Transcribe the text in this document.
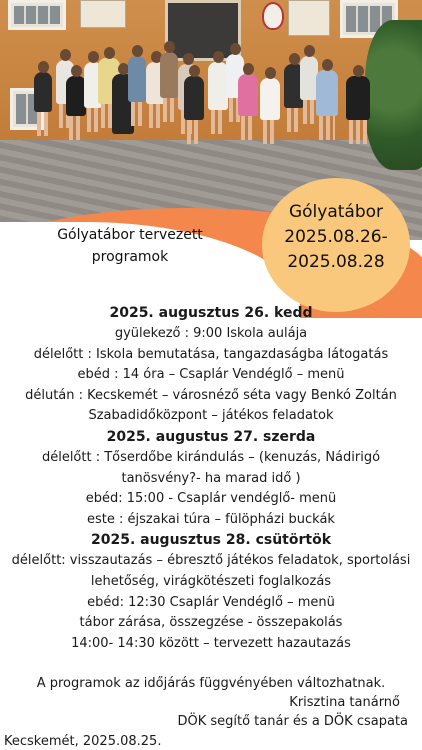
Gólyatábor tervezett
programok
Gólyatábor
2025.08.26-
2025.08.28
2025. augusztus 26. kedd
gyülekező : 9:00 Iskola aulája
délelőtt : Iskola bemutatása, tangazdaságba látogatás
ebéd : 14 óra – Csaplár Vendéglő – menü
délután : Kecskemét – városnéző séta vagy Benkó Zoltán
Szabadidőközpont – játékos feladatok
2025. augustus 27. szerda
délelőtt : Tőserdőbe kirándulás – (kenuzás, Nádirigó
tanösvény?- ha marad idő )
ebéd: 15:00 - Csaplár vendéglő- menü
este : éjszakai túra – fülöpházi buckák
2025. augusztus 28. csütörtök
délelőtt: visszautazás – ébresztő játékos feladatok, sportolási
lehetőség, virágkötészeti foglalkozás
ebéd: 12:30 Csaplár Vendéglő – menü
tábor zárása, összegzése - összepakolás
14:00- 14:30 között – tervezett hazautazás
A programok az időjárás függvényében változhatnak.
Krisztina tanárnő
DÖK segítő tanár és a DÖK csapata
Kecskemét, 2025.08.25.
